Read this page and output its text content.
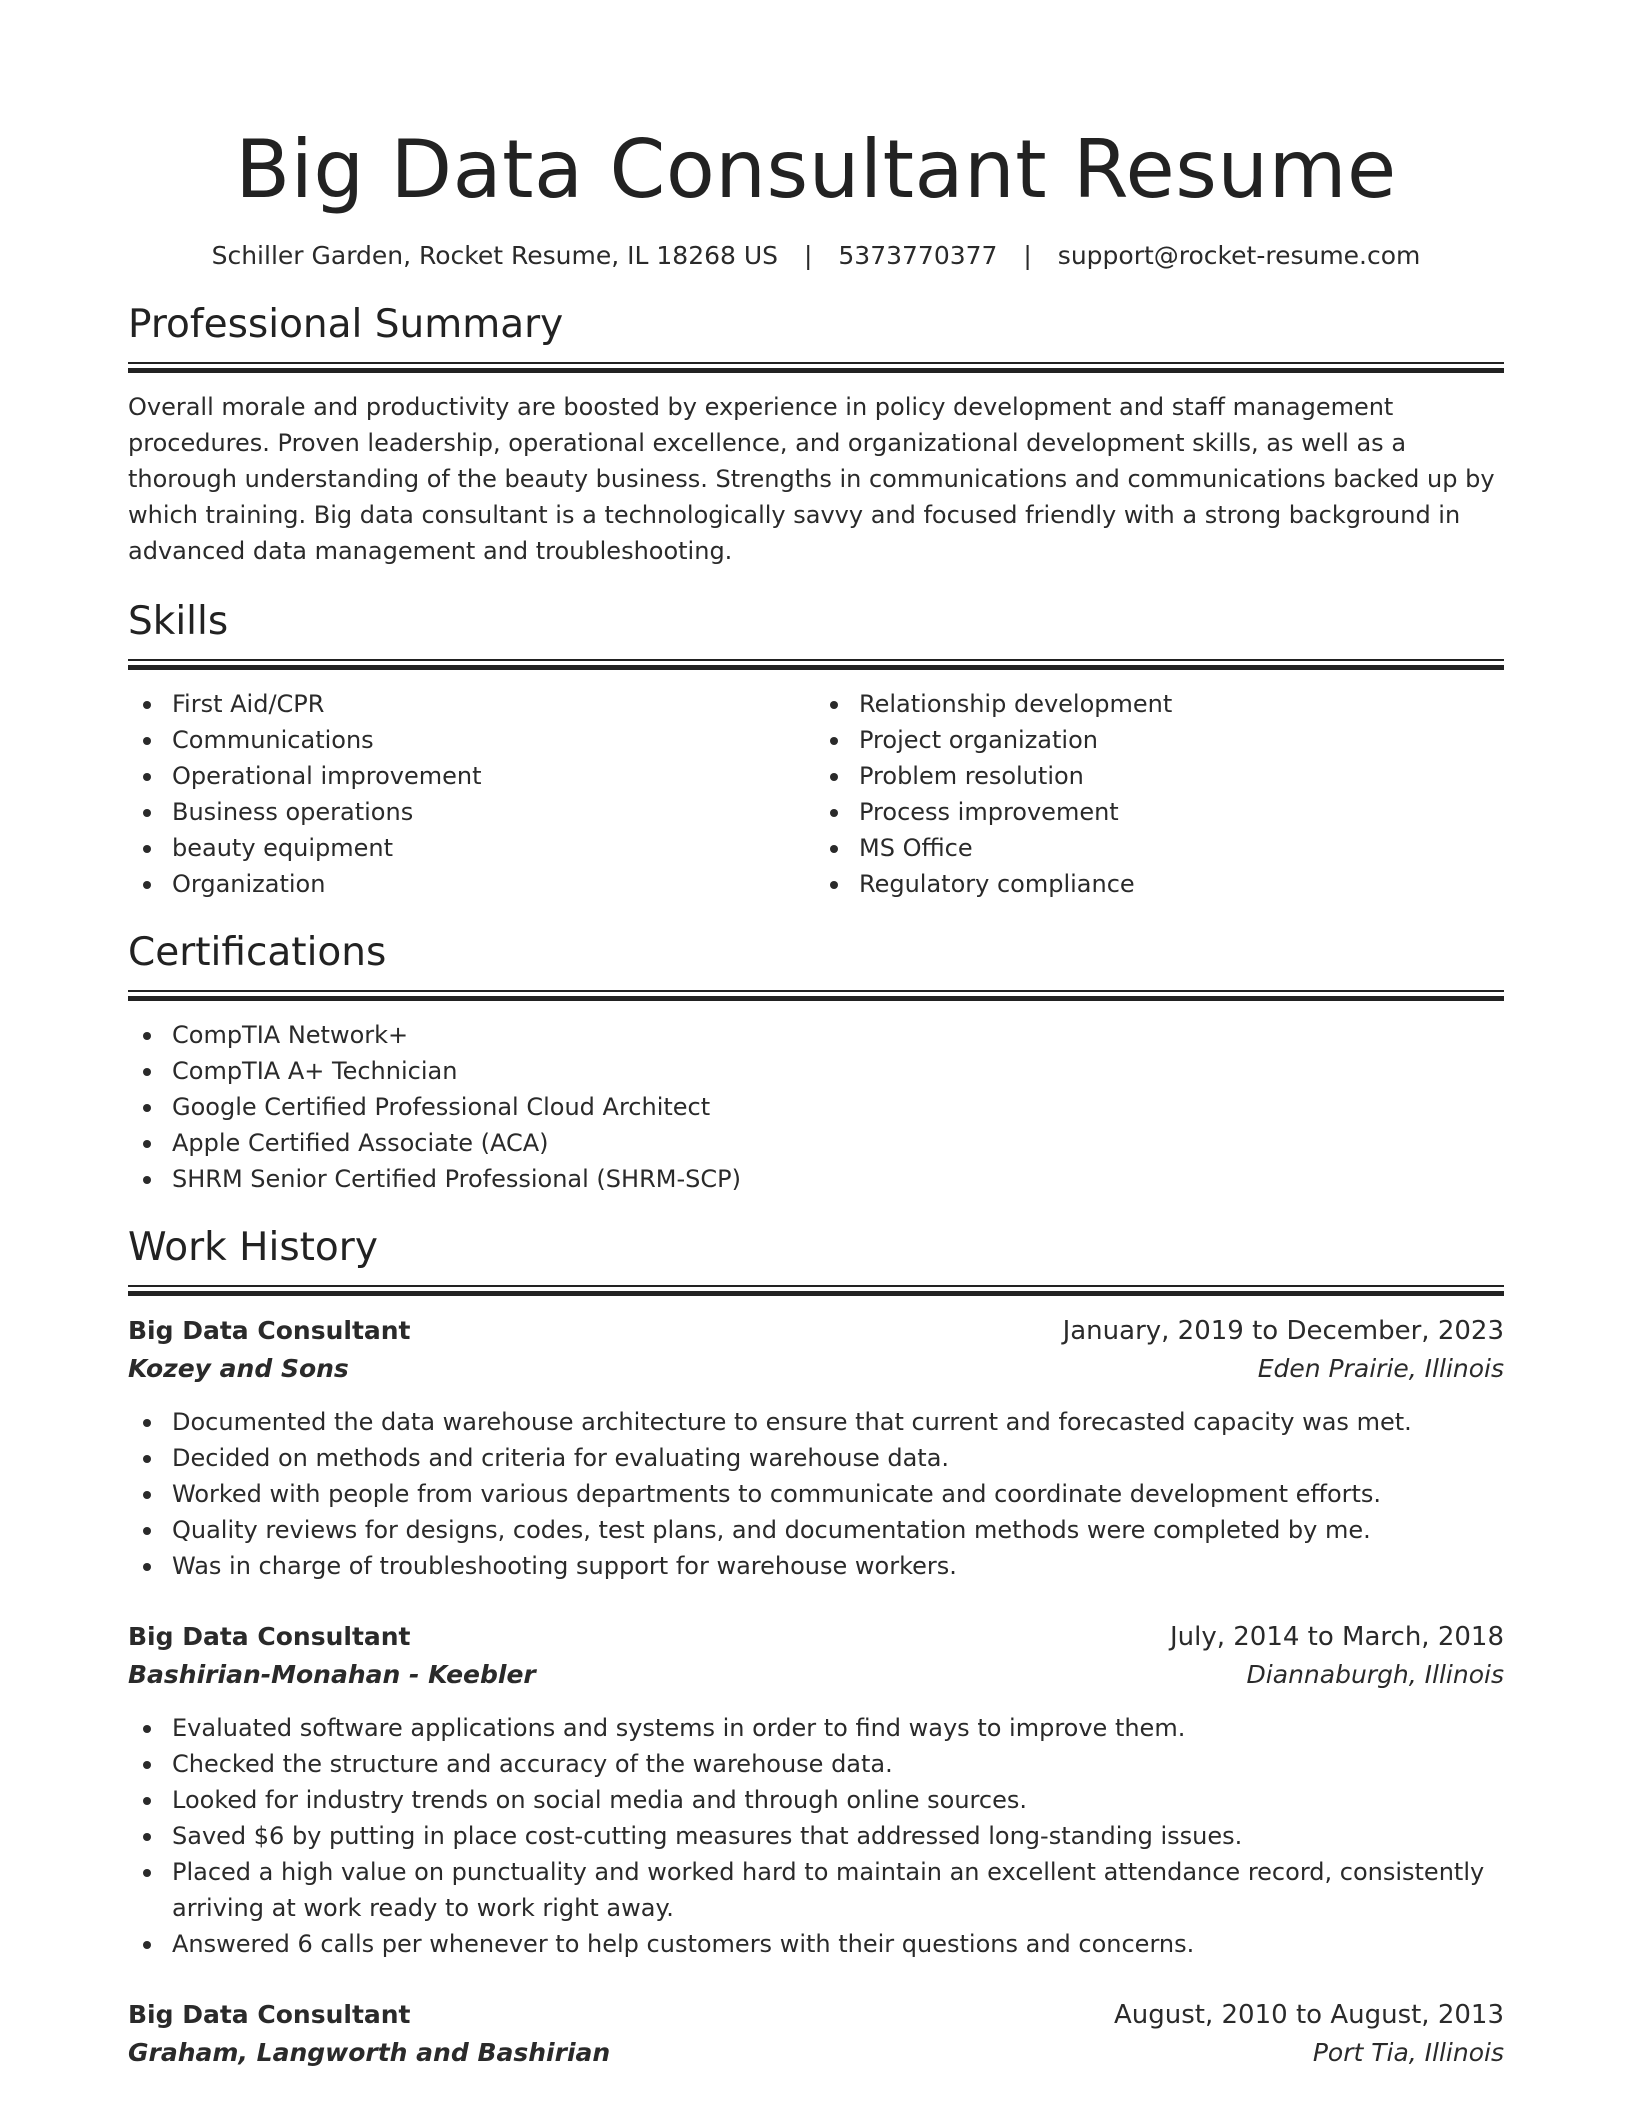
Big Data Consultant Resume
Schiller Garden, Rocket Resume, IL 18268 US | 5373770377 | support@rocket-resume.com
Professional Summary

Overall morale and productivity are boosted by experience in policy development and staff management procedures. Proven leadership, operational excellence, and organizational development skills, as well as a thorough understanding of the beauty business. Strengths in communications and communications backed up by which training. Big data consultant is a technologically savvy and focused friendly with a strong background in advanced data management and troubleshooting.

Skills
First Aid/CPR
Communications
Operational improvement
Business operations
beauty equipment
Organization
Relationship development
Project organization
Problem resolution
Process improvement
MS Office
Regulatory compliance
Certifications
CompTIA Network+
CompTIA A+ Technician
Google Certified Professional Cloud Architect
Apple Certified Associate (ACA)
SHRM Senior Certified Professional (SHRM-SCP)
Work History
Big Data Consultant	January, 2019 to December, 2023
Kozey and Sons	Eden Prairie, Illinois
Documented the data warehouse architecture to ensure that current and forecasted capacity was met.
Decided on methods and criteria for evaluating warehouse data.
Worked with people from various departments to communicate and coordinate development efforts.
Quality reviews for designs, codes, test plans, and documentation methods were completed by me.
Was in charge of troubleshooting support for warehouse workers.
Big Data Consultant	July, 2014 to March, 2018
Bashirian-Monahan - Keebler	Diannaburgh, Illinois
Evaluated software applications and systems in order to find ways to improve them.
Checked the structure and accuracy of the warehouse data.
Looked for industry trends on social media and through online sources.
Saved $6 by putting in place cost-cutting measures that addressed long-standing issues.
Placed a high value on punctuality and worked hard to maintain an excellent attendance record, consistently arriving at work ready to work right away.
Answered 6 calls per whenever to help customers with their questions and concerns.
Big Data Consultant	August, 2010 to August, 2013
Graham, Langworth and Bashirian	Port Tia, Illinois
